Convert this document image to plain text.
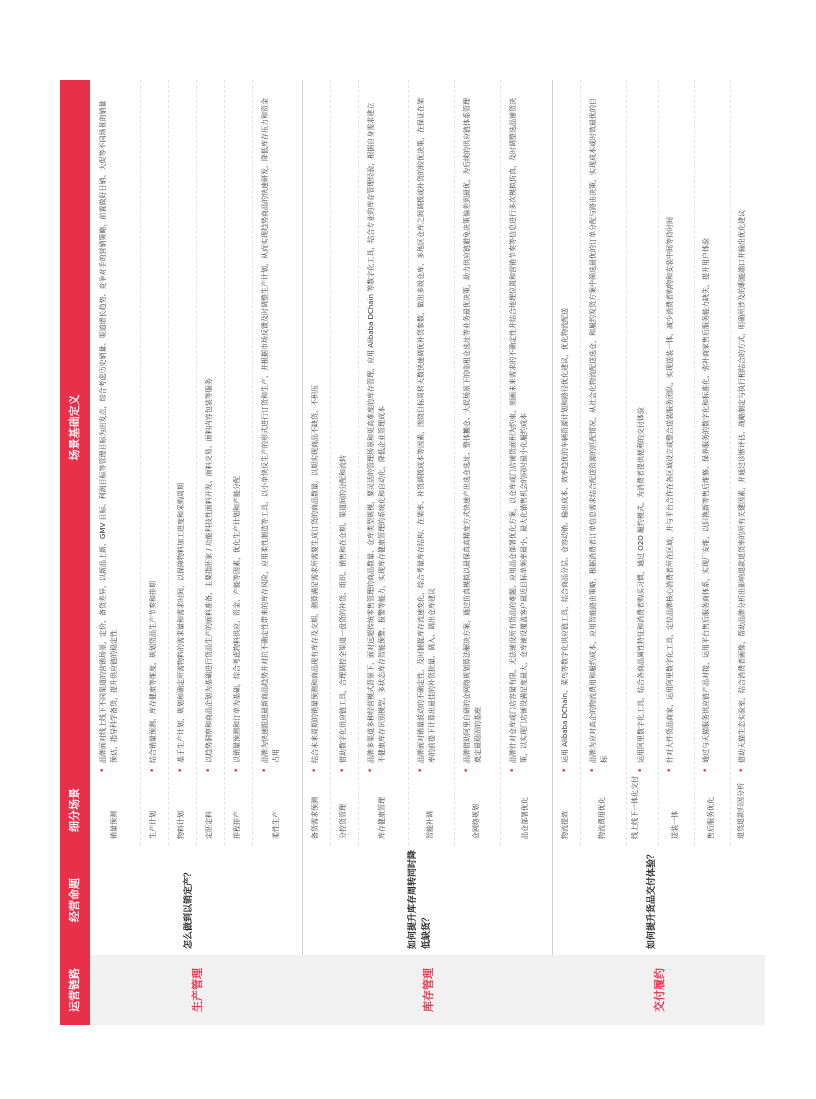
运营链路
经营命题
细分场景
场景基础定义
生产管理
怎么做到以销定产？
销量预测
• 品牌面对线上线下不同渠道的营销场景，定价、备货差异，以新品上新、GMV 目标、利润目标等管理目标为出发点，综合考虑历史销量、渠道增长趋势、竞争对手的营销策略，前置做好日销、大促等不同场景的销量预估，指导科学备货，提升供应链的稳定性
生产计划
• 结合销量预测、库存健康等维度，规划货品生产节奏和排期
物料计划
• 基于生产计划，规划和确定所需物料的需求量和需求时间，以保障物料加工进度和采购周期
定胚定料
• 以趋势洞察和商品企划为基础进行货品生产的面料准备，主要指胚家 / 功能科技性面料开发、面料交易、面料内容包装等服务
排程排产
• 以销量预测和订单为基础，综合考虑物料供应、资金、产能等因素，优化生产计划和产能分配
柔性生产
• 品牌为快速跟进最新商品趋势并对抗不确定性带来的库存风险，应用柔性制造等工具，以小单快反生产的形式进行订货和生产，并根据市场反馈及时调整生产计划，从而实现趋势商品的快速研发，降低库存压力和资金占用
库存管理
如何提升库存周转同时降低缺货？
备货需求预测
• 结合未来周期的销量预测和商品现有库存及交期，测算满足需求所需要生成订货的商品数量，以期实现商品不缺货、不积压
分控货管理
• 借助数字化供应链工具，合理调控全渠道一盘货的补货、组织、销售和在仓期，渠道间的分配和流转
库存健康管理
• 品牌多渠道多种经营模式背景下，面对远超传统零售管理的商品数量、仓库类型规模，要灵活的管理场景和更高难度的库存管理，应用 Alibaba DChain 等数字化工具，结合专业的库存管理经验，根据自身需求建立不健康库存识别模型，多状态库存智能预警、报警等能力，实现库存健康管理的系统化和自动化，降低企业管理成本
智能补调
• 品牌面对销量波动的不确定性，及时捕捉库存流速变化，综合考量库存结构、在架率、补货调拨成本等因素，围绕目标周转天数快速调优补货参数，做出多级仓库、多地区仓库之间调拨或补货的较优决策，在保证在架率的前提下计算出最佳的补货批量、调入、调出仓库建议
仓网络规划
• 品牌借助阿里自研的仓网络规划算法解决方案，通过仿真模拟以最保真高精度方式快速产出选仓选址、整体搬仓、大促场景下的临租仓选址等业务最优决策，助力供应链避免决策偏差到最优，为后续的供应链体系管理奠定最稳固的基座
品仓部署优化
• 品牌针对仓库或门店容量有限，无法铺设所有货品的难题，应用品仓部署优化方案，以仓库或门店铺货面积为约束，刻画未来需求的不确定性并结合地理位置和营销节奏等信息进行多次模拟仿真，及时调整选品铺货决策，以实现门店铺设满足度最大，仓库铺设覆盖客户最近目标单频率最小，最大化销售机会的同时最小化履约成本
交付履约
如何提升货品交付体验？
物流提效
• 运用 Alibaba DChain、菜鸟等数字化供应链工具，结合商品分层、仓容动销、输出成本、效率趋优的车辆资源计划和路径优化建议，优化物流配送
物流费用优化
• 品牌为应对高企的物流费用和履约成本，应用智能路由策略，根据消费者订单信息需求结合配送资源的匹配情况，从社会化物流配送选仓，和履约发货方案中筛选最优的订单分配与路由决策，实现成本或时效最优的目标
线上线下一体化交付
• 运用阿里数字化工具，结合各商品属性特征和消费者购买习惯，通过 O2O 履约模式，为消费者提供便利的交付体验
送装一体
• 针对大件货品商家，运用阿里数字化工具，定位品牌核心消费者所在区域，并与平台合作在各区域设立或整合送装服务团队，实现送装一体，减少消费者购物和安装中间等待时间
售后服务优化
• 通过与天猫服务供应链产品对接，运用平台售后服务商体系，实现厂安维，以旧换新等售后维修、保养服务的数字化和标准化，弥补商家售后服务能力缺失，提升用户体验
退货退款归因分析
• 借助天猫生态实验室，结合消费者画像，帮助品牌分析出影响退款退货率的所有关键因素，并通过诊断评估、战略制定与执行相结合的方式，明确所涉及的职能端口并输出优化建议
